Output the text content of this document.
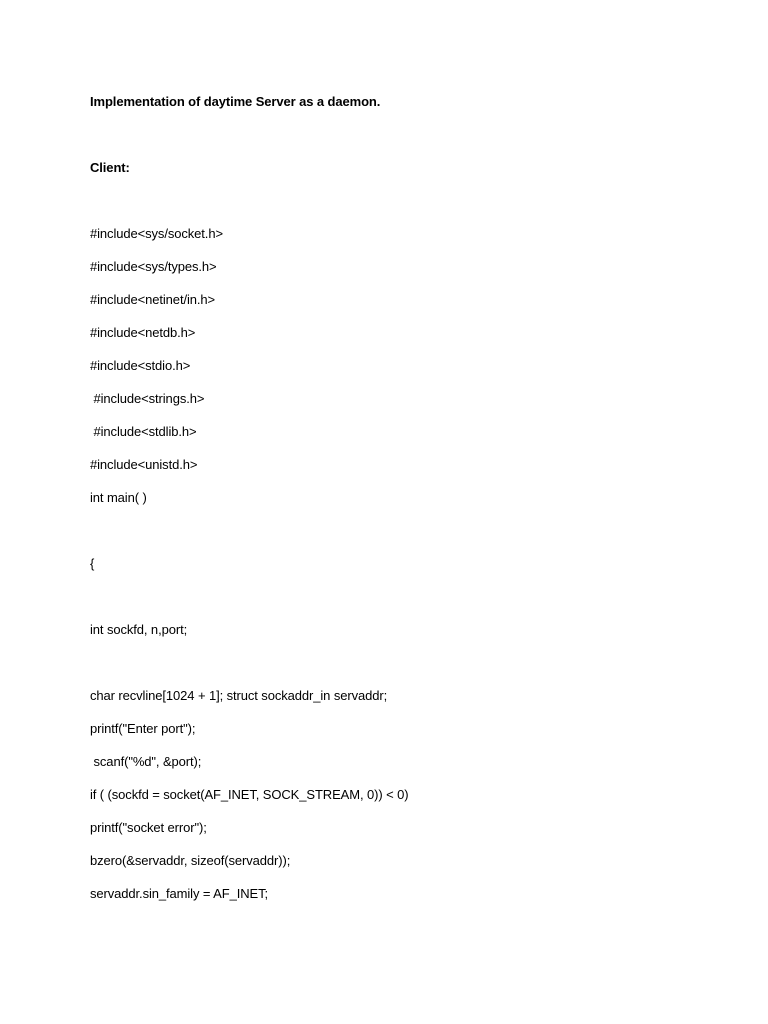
Implementation of daytime Server as a daemon.
Client:
#include<sys/socket.h>
#include<sys/types.h>
#include<netinet/in.h>
#include<netdb.h>
#include<stdio.h>
#include<strings.h>
#include<stdlib.h>
#include<unistd.h>
int main( )
{
int sockfd, n,port;
char recvline[1024 + 1]; struct sockaddr_in servaddr;
printf("Enter port");
scanf("%d", &port);
if ( (sockfd = socket(AF_INET, SOCK_STREAM, 0)) < 0)
printf("socket error");
bzero(&servaddr, sizeof(servaddr));
servaddr.sin_family = AF_INET;
